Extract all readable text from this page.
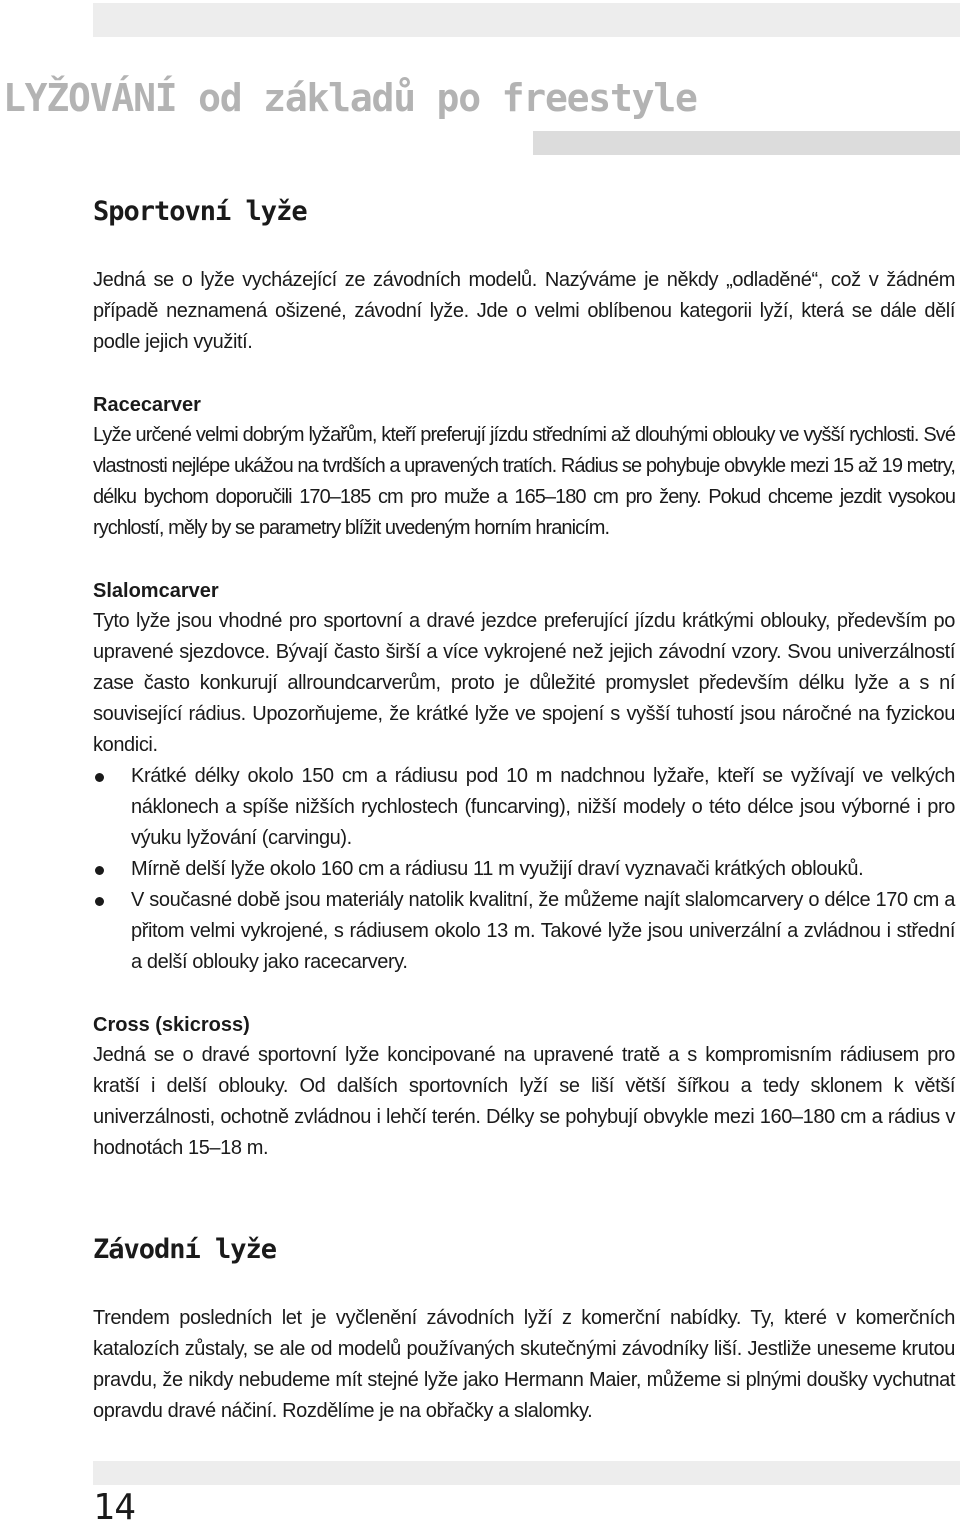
LYŽOVÁNÍ od základů po freestyle
Sportovní lyže

Jedná se o lyže vycházející ze závodních modelů. Nazýváme je někdy „odladěné“, což v žádném případě neznamená ošizené, závodní lyže. Jde o velmi oblíbenou kategorii lyží, která se dále dělí podle jejich využití.

Racecarver

Lyže určené velmi dobrým lyžařům, kteří preferují jízdu středními až dlouhými oblouky ve vyšší rychlosti. Své vlastnosti nejlépe ukážou na tvrdších a upravených tratích. Rádius se pohybuje obvykle mezi 15 až 19 metry, délku bychom doporučili 170–185 cm pro muže a 165–180 cm pro ženy. Pokud chceme jezdit vysokou rychlostí, měly by se parametry blížit uvedeným horním hranicím.

Slalomcarver

Tyto lyže jsou vhodné pro sportovní a dravé jezdce preferující jízdu krátkými oblouky, především po upravené sjezdovce. Bývají často širší a více vykrojené než jejich závodní vzory. Svou univerzálností zase často konkurují allroundcarverům, proto je důležité promyslet především délku lyže a s ní související rádius. Upozorňujeme, že krátké lyže ve spojení s vyšší tuhostí jsou náročné na fyzickou kondici.

Krátké délky okolo 150 cm a rádiusu pod 10 m nadchnou lyžaře, kteří se vyžívají ve velkých náklonech a spíše nižších rychlostech (funcarving), nižší modely o této délce jsou výborné i pro výuku lyžování (carvingu).
Mírně delší lyže okolo 160 cm a rádiusu 11 m využijí draví vyznavači krátkých oblouků.
V současné době jsou materiály natolik kvalitní, že můžeme najít slalomcarvery o délce 170 cm a přitom velmi vykrojené, s rádiusem okolo 13 m. Takové lyže jsou univerzální a zvládnou i střední a delší oblouky jako racecarvery.
Cross (skicross)

Jedná se o dravé sportovní lyže koncipované na upravené tratě a s kompromisním rádiusem pro kratší i delší oblouky. Od dalších sportovních lyží se liší větší šířkou a tedy sklonem k větší univerzálnosti, ochotně zvládnou i lehčí terén. Délky se pohybují obvykle mezi 160–180 cm a rádius v hodnotách 15–18 m.

Závodní lyže

Trendem posledních let je vyčlenění závodních lyží z komerční nabídky. Ty, které v komerčních katalozích zůstaly, se ale od modelů používaných skutečnými závodníky liší. Jestliže uneseme krutou pravdu, že nikdy nebudeme mít stejné lyže jako Hermann Maier, můžeme si plnými doušky vychutnat opravdu dravé náčiní. Rozdělíme je na obřačky a slalomky.

14
